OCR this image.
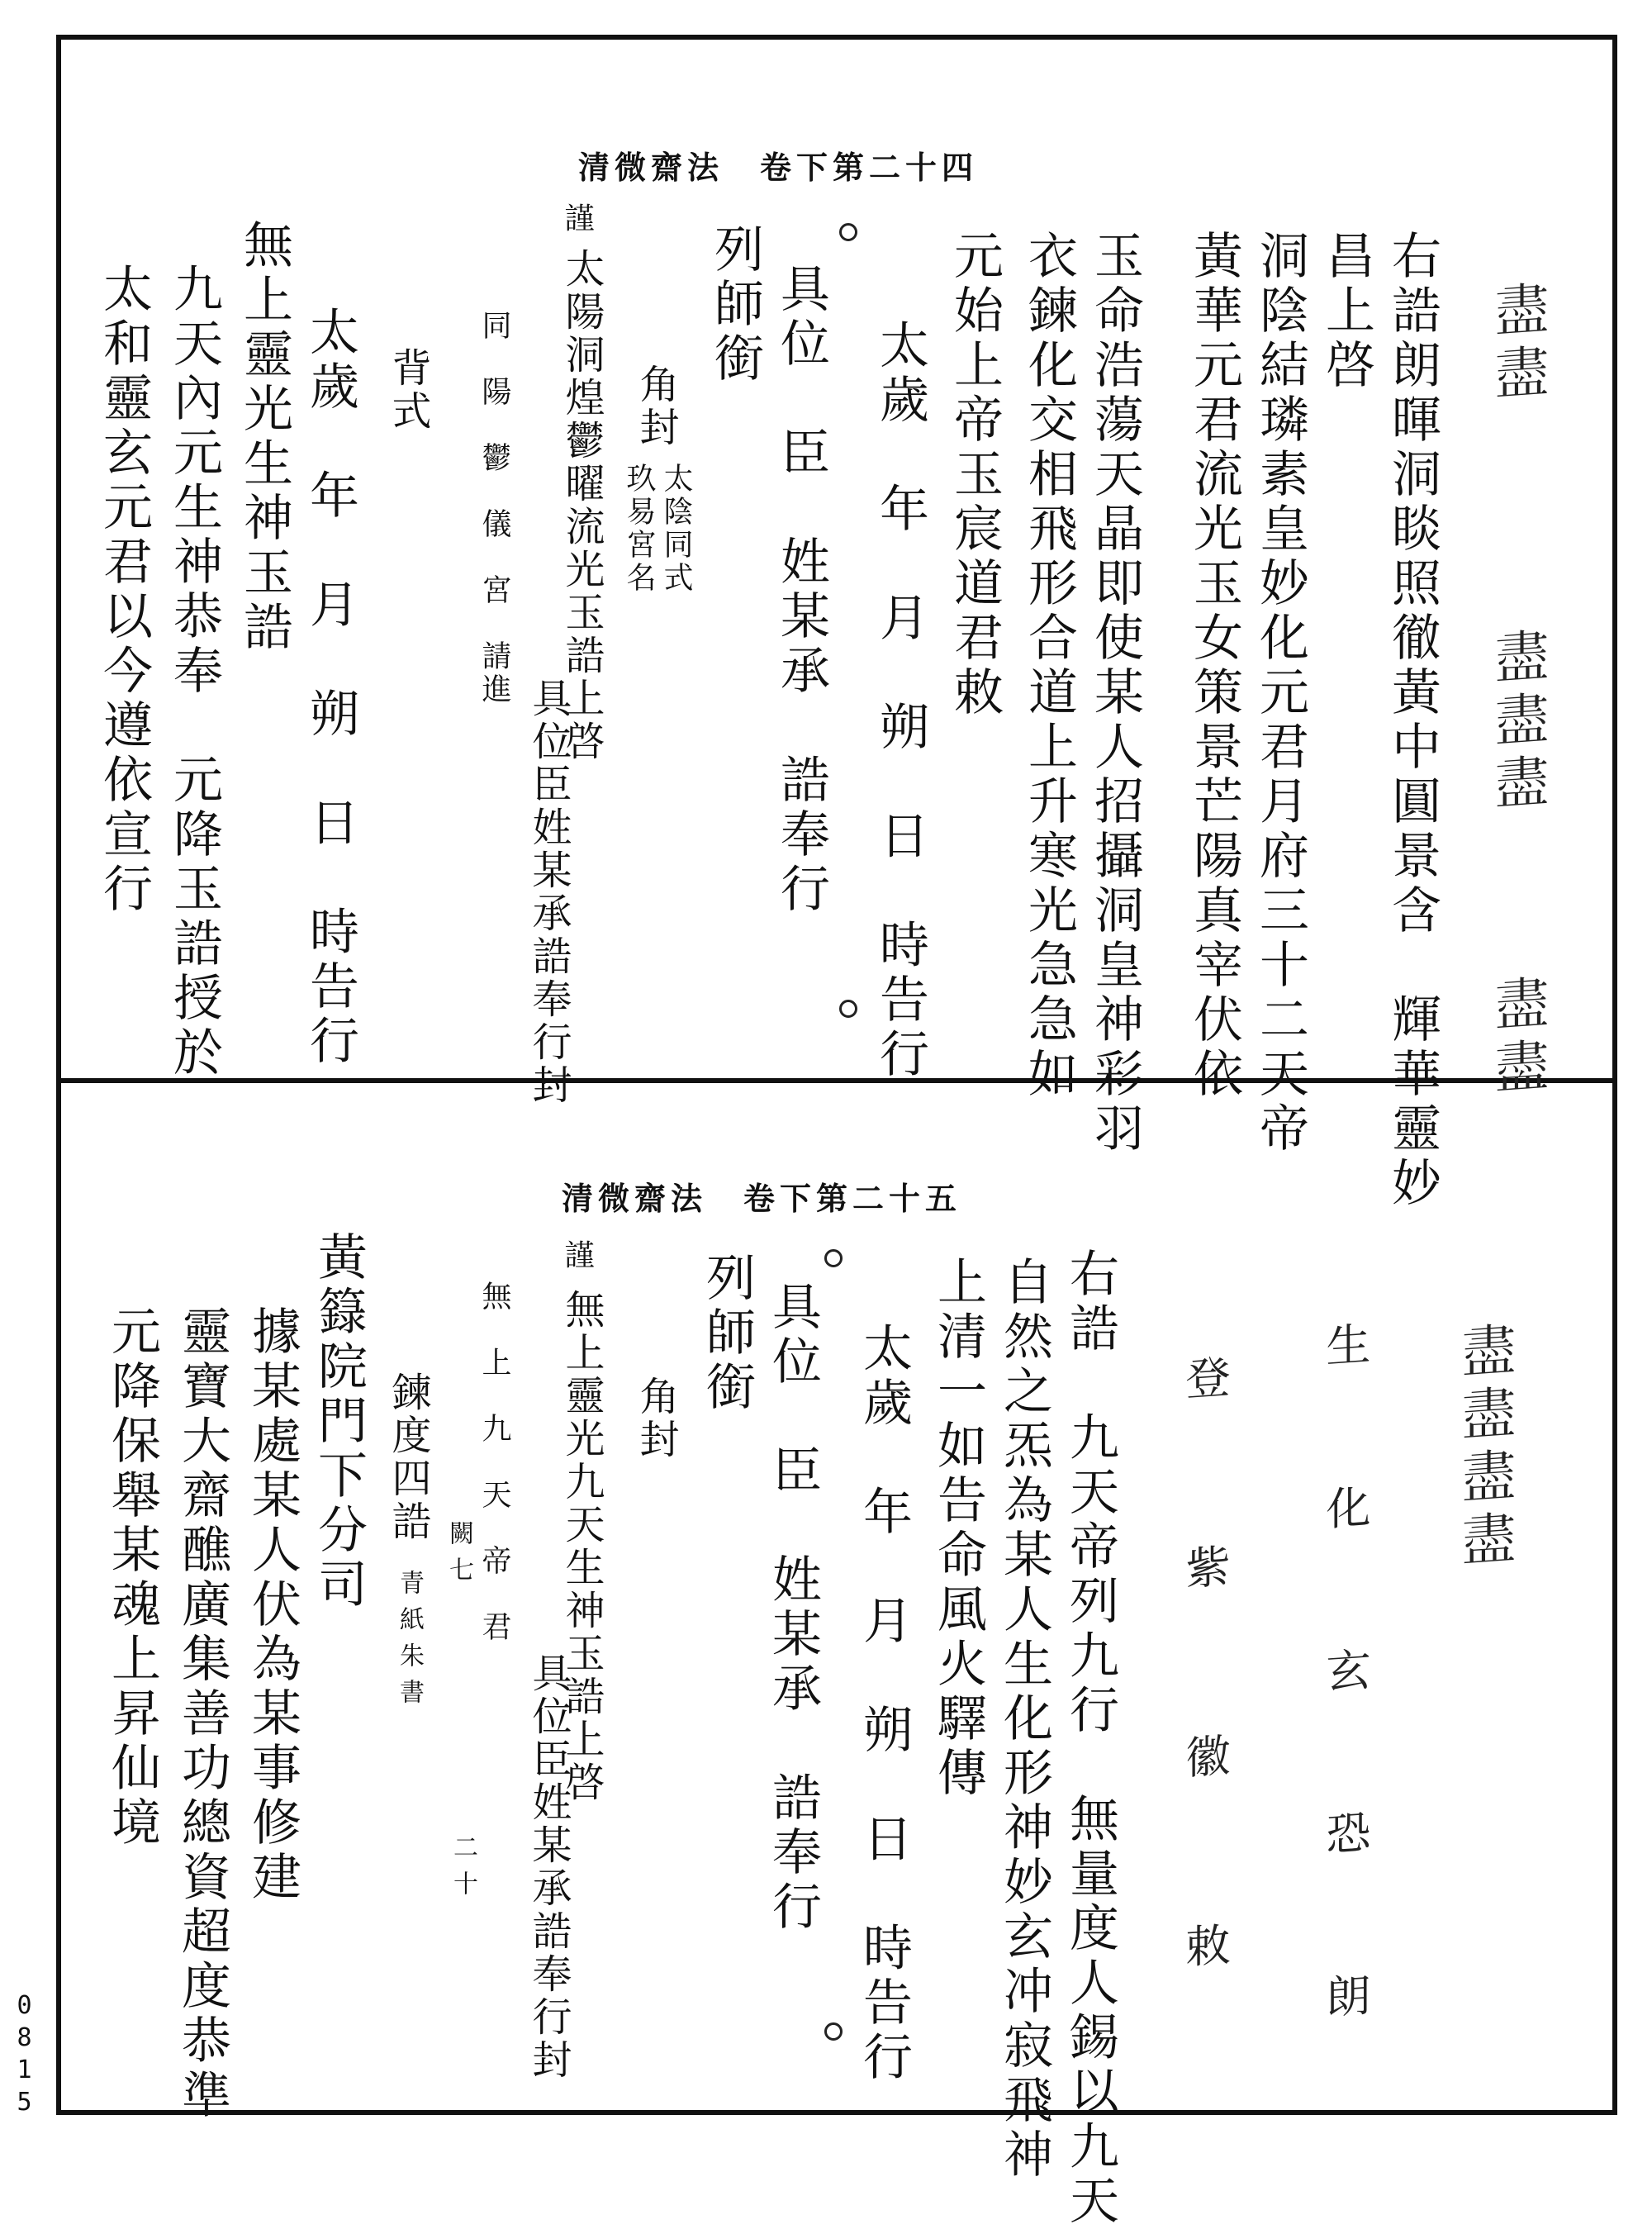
清微齋法　卷下第二十四
𧗊𧗊
𧗊𧗊𧗊
𧗊𧗊
右誥朗暉洞睒照徹黃中圓景含　輝華靈妙
昌上啓
洞陰結璘素皇妙化元君月府三十二天帝
黃華元君流光玉女策景芒陽真宰伏依
玉命浩蕩天晶即使某人招攝洞皇神彩羽
衣鍊化交相飛形合道上升寒光急急如
元始上帝玉宸道君敕
太歲　年　月　朔　日　時告行
具位　臣　姓某承　誥奉行
列師銜
角封
太陰同式
玖易宮名
謹
太陽洞煌鬱曜流光玉誥上啓
具位臣姓某承誥奉行封
同　陽　鬱　儀　宮　請進
背式
太歲　年　月　朔　日　時告行
無上靈光生神玉誥
九天內元生神恭奉　元降玉誥授於
太和靈玄元君以今遵依宣行
清微齋法　卷下第二十五
𧗊𧗊𧗊𧗊
生 化 玄 恐 朗
登 紫 徽 敕
右誥　九天帝列九行　無量度人錫以九天
自然之炁為某人生化形神妙玄冲寂飛神
上清一如告命風火驛傳
太歲　年　月　朔　日　時告行
具位　臣　姓某承　誥奉行
列師銜
角封
謹
無上靈光九天生神玉誥上啓
具位臣姓某承誥奉行封
無　上　九　天　帝　君
闕七
二十
鍊度四誥
青紙朱書
黃籙院門下分司
據某處某人伏為某事修建
靈寶大齋醮廣集善功總資超度恭準
元降保舉某魂上昇仙境
0815
